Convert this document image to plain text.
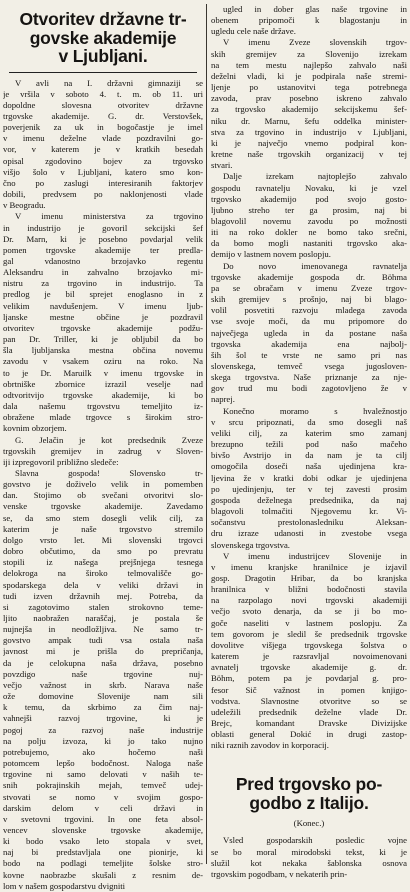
Otvoritev državne tr-
govske akademije
v Ljubljani.
V avli na I. državni gimnaziji se
je vršila v soboto 4. t. m. ob 11. uri
dopoldne slovesna otvoritev državne
trgovske akademije. G. dr. Verstovšek,
poverjenik za uk in bogočastje je imel
v imenu deželne vlade pozdravilni go-
vor, v katerem je v kratkih besedah
opisal zgodovino bojev za trgovsko
višjo šolo v Ljubljani, katero smo kon-
čno po zaslugi interesiranih faktorjev
dobili, predvsem po naklonjenosti vlade
v Beogradu.
V imenu ministerstva za trgovino
in industrijo je govoril sekcijski šef
Dr. Marn, ki je posebno povdarjal velik
pomen trgovske akademije ter predla-
gal vdanostno brzojavko regentu
Aleksandru in zahvalno brzojavko mi-
nistru za trgovino in industrijo. Ta
predlog je bil sprejet enoglasno in z
velikim navdušenjem. V imenu ljub-
ljanske mestne občine je pozdravil
otvoritev trgovske akademije podžu-
pan Dr. Triller, ki je obljubil da bo
šla ljubljanska mestna občina novemu
zavodu v vsakem oziru na roko. Na
to je Dr. Maruilk v imenu trgovske in
obrtniške zbornice izrazil veselje nad
odtvoritvijo trgovske akademije, ki bo
dala našemu trgovstvu temeljito iz-
obražene mlade trgovce s širokim stro-
kovnim obzorjem.
G. Jelačin je kot predsednik Zveze
trgovskih gremijev in zadrug v Sloven-
iji izpregovoril približno sledeče:
Slavna gospoda! Slovensko tr-
govstvo je doživelo velik in pomemben
dan. Stojimo ob svečani otvoritvi slo-
venske trgovske akademije. Zavedamo
se, da smo stem dosegli velik cilj, za
katerim je naše trgovstvo stremilo
dolgo vrsto let. Mi slovenski trgovci
dobro občutimo, da smo po prevratu
stopili iz našega prejšnjega tesnega
delokroga na širokо telmovališče go-
spodarskega dela v veliki državi in
tudi izven državnih mej. Potreba, da
si zagotovimo stalen strokovno teme-
ljito naobražen naraščaj, je postala še
nujnejša in neodložljiva. Ne samo tr-
govstvo ampak tudi vsa ostala naša
javnost mi je prišla do prepričanja,
da je celokupna naša država, posebno
povzdigo naše trgovine nuj-
večjo važnost in skrb. Narava naše
ože domovine Slovenije nam sili
k temu, da skrbimo za čim naj-
vahnejši razvoj trgovine, ki je
pogoj za razvoj naše industrije
na polju izvoza, ki jo tako nujno
potrebujemo, ako hočemo naši
potomcem lepšo bodočnost. Naloga naše
trgovine ni samo delovati v naših te-
snih pokrajinskih mejah, temveč udej-
stvovati se nomo v svojim gospo-
darskim delom v celi državi in
v svetovni trgovini. In one feta absol-
vencev slovenske trgovske akademije,
ki bodo vsako leto stopala v svet,
naj bi predstavljala one pionirje, ki
bodo na podlagi temeljite šolske stro-
kovne naobrazbe skušali z resnim de-
lom v našem gospodarstvu dvigniti
ugled in dober glas naše trgovine in
obenem pripomoči k blagostanju in
ugledu cele naše države.
V imenu Zveze slovenskih trgov-
skih gremijev za Slovenijo izrekam
na tem mestu najlepšo zahvalo naši
deželni vladi, ki je podpirala naše stremi-
ljenje po ustanovitvi tega potrebnega
zavoda, prav posebno iskreno zahvalo
za trgovsko akademijo sekcijskemu šef-
niku dr. Marnu, šefu oddelka minister-
stva za trgovino in industrijo v Ljubljani,
ki je največjo vnemo podpiral kon-
kretne naše trgovskih organizacij v tej
stvari.
Dalje izrekam najtoplejšo zahvalo
gospodu ravnatelju Novaku, ki je vzel
trgovsko akademijo pod svojo gosto-
ljubno streho ter ga prosim, naj bi
blagovolil novemu zavodu po možnosti
iti na roko dokler ne bomo tako srečni,
da bomo mogli nastaniti trgovsko aka-
demijo v lastnem novem poslopju.
Do novo imenovanega ravnatelja
trgovske akademije gospoda dr. Böhma
pa se obračam v imenu Zveze trgov-
skih gremijev s prošnjo, naj bi blago-
volil posvetiti razvoju mladega zavoda
vse svoje moči, da mu pripomore do
največjega ugleda in da postane naša
trgovska akademija ena najbolj-
ših šol te vrste ne samo pri nas
slovenskega, temveč vsega jugosloven-
skega trgovstva. Naše priznanje za nje-
gov trud mu bodi zagotovljeno že v
naprej.
Konečno moramo s hvaležnostjo
v srcu pripoznati, da smo dosegli naš
veliki cilj, za katerim smo zamanj
brezupno težili pod našo mačeho
bivšo Avstrijo in da nam je ta cilj
omogočila doseči naša ujedinjena kra-
ljevina že v kratki dobi odkar je ujedinjena
po ujedinjenju, ter v tej zavesti prosim
gospoda deželnega predsednika, da naj
blagovoli tolmačiti Njegovemu kr. Vi-
sočanstvu prestolonasledniku Aleksan-
dru izraze udanosti in zvestobe vsega
slovenskega trgovstva.
V imenu industrijcev Slovenije in
v imenu kranjske hranilnice je izjavil
gosp. Dragotin Hribar, da bo kranjska
hranilnica v bližni bodočnosti stavila
na razpolago novi trgovski akademiji
večjo svoto denarja, da se ji bo mo-
goče naseliti v lastnem poslopju. Za
tem govorom je sledil še predsednik trgovske
dovolitve višjega trgovskega šolstva o
katerem je razsravljal novoimenovani
avnatelj trgovske akademije g. dr.
Böhm, potem pa je povdarjal g. pro-
fesor Sič važnost in pomen knjigo-
vodstva. Slavnostne otvoritve so se
udeležili predsednik deželne vlade Dr.
Brejc, komandant Dravske Divizijske
oblasti general Dokić in drugi zastop-
niki raznih zavodov in korporacij.
Pred trgovsko po-
godbo z Italijo.
(Konec.)
Vsled gospodarskih posledic vojne
se bo moral mirodobski tekst, ki je
služil kot nekaka šablonska osnova
trgovskim pogodbam, v nekaterih prin-
